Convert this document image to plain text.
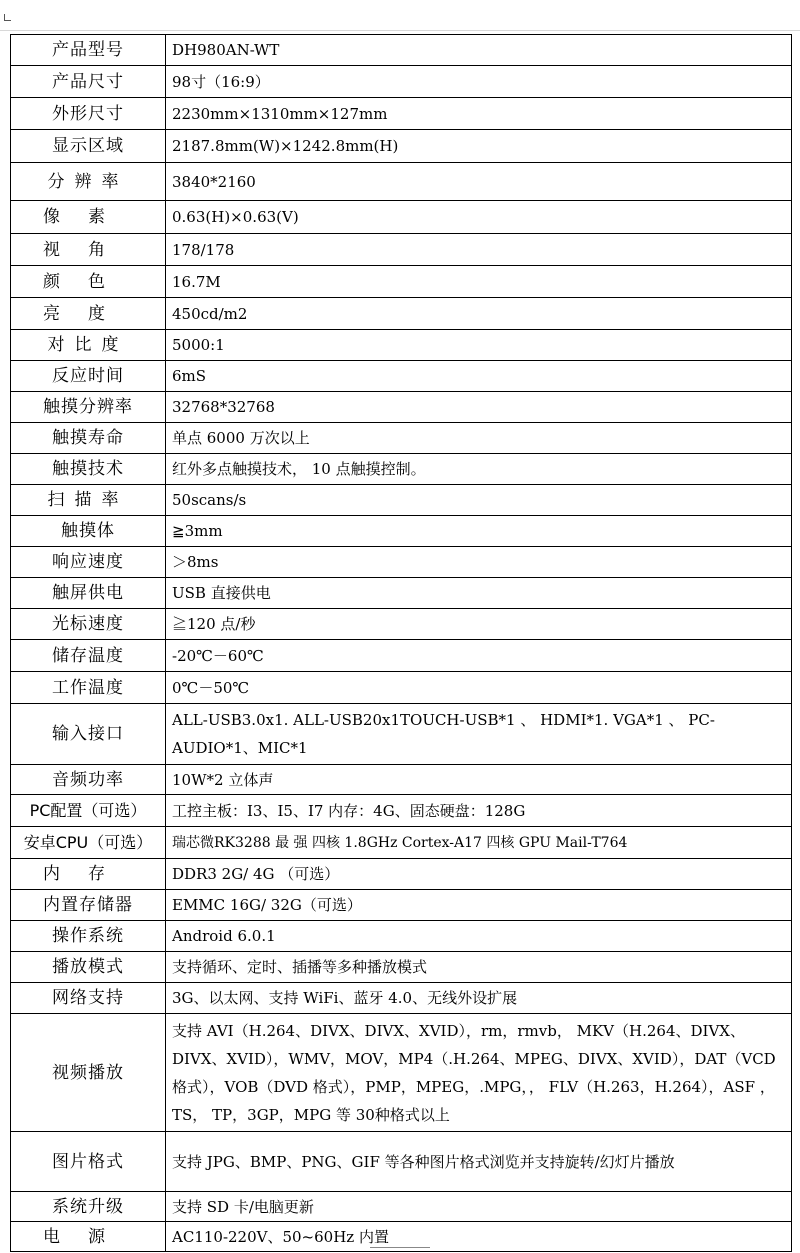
产品型号	DH980AN-WT
产品尺寸	98寸（16:9）
外形尺寸	2230mm×1310mm×127mm
显示区域	2187.8mm(W)×1242.8mm(H)
分辨率	3840*2160
像素	0.63(H)×0.63(V)
视角	178/178
颜色	16.7M
亮度	450cd/m2
对比度	5000:1
反应时间	6mS
触摸分辨率	32768*32768
触摸寿命	单点 6000 万次以上
触摸技术	红外多点触摸技术， 10 点触摸控制。
扫描率	50scans/s
触摸体	≧3mm
响应速度	＞8ms
触屏供电	USB 直接供电
光标速度	≧120 点/秒
储存温度	-20℃－60℃
工作温度	0℃－50℃
输入接口	ALL-USB3.0x1. ALL-USB20x1TOUCH-USB*1 、 HDMI*1. VGA*1 、 PC-AUDIO*1、MIC*1
音频功率	10W*2 立体声
PC配置（可选）	工控主板：I3、I5、I7 内存：4G、固态硬盘：128G
安卓CPU（可选）	瑞芯微RK3288 最 强 四核 1.8GHz Cortex-A17 四核 GPU Mail-T764
内存	DDR3 2G/ 4G （可选）
内置存储器	EMMC 16G/ 32G（可选）
操作系统	Android 6.0.1
播放模式	支持循环、定时、插播等多种播放模式
网络支持	3G、以太网、支持 WiFi、蓝牙 4.0、无线外设扩展
视频播放	支持 AVI（H.264、DIVX、DIVX、XVID），rm，rmvb， MKV（H.264、DIVX、DIVX、XVID），WMV，MOV，MP4（.H.264、MPEG、DIVX、XVID），DAT（VCD 格式），VOB（DVD 格式），PMP，MPEG，.MPG，， FLV（H.263，H.264），ASF ，TS， TP，3GP，MPG 等 30种格式以上
图片格式	支持 JPG、BMP、PNG、GIF 等各种图片格式浏览并支持旋转/幻灯片播放
系统升级	支持 SD 卡/电脑更新
电源	AC110-220V、50~60Hz 内置
